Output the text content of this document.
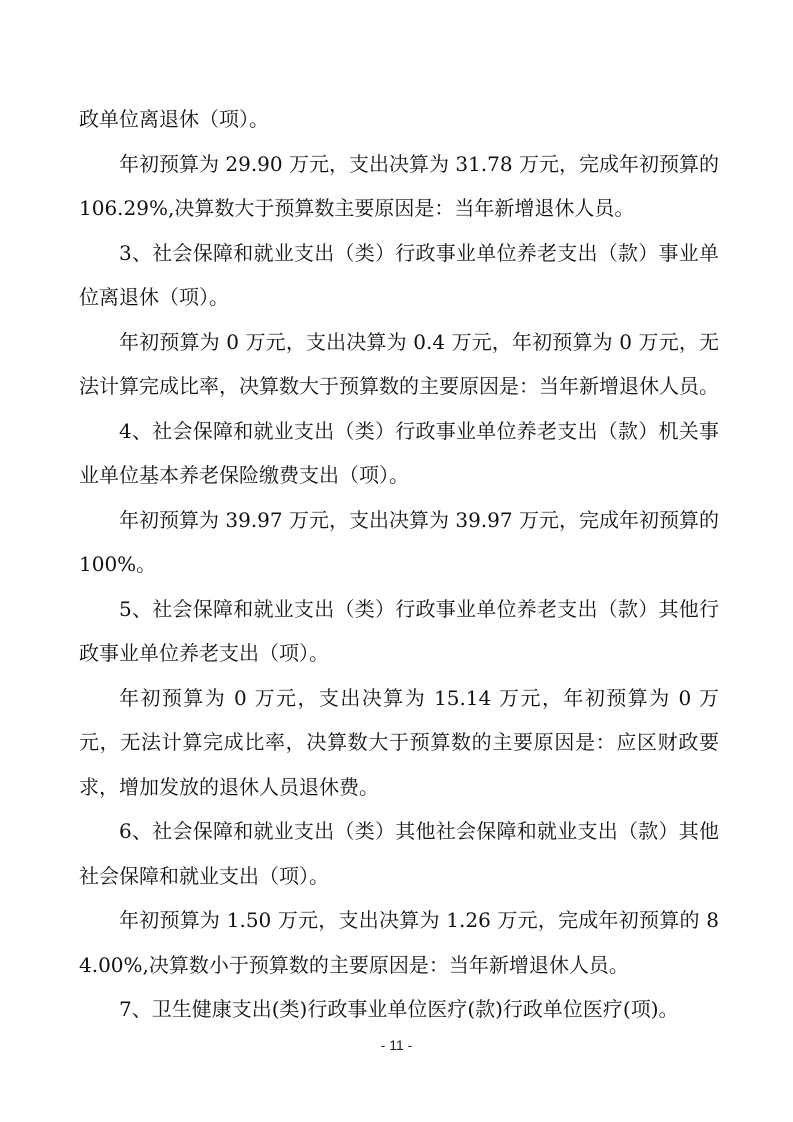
政单位离退休（项）。

年初预算为 29.90 万元，支出决算为 31.78 万元，完成年初预算的 106.29%,决算数大于预算数主要原因是：当年新增退休人员。

3、社会保障和就业支出（类）行政事业单位养老支出（款）事业单位离退休（项）。

年初预算为 0 万元，支出决算为 0.4 万元，年初预算为 0 万元，无法计算完成比率，决算数大于预算数的主要原因是：当年新增退休人员。

4、社会保障和就业支出（类）行政事业单位养老支出（款）机关事业单位基本养老保险缴费支出（项）。

年初预算为 39.97 万元，支出决算为 39.97 万元，完成年初预算的 100%。

5、社会保障和就业支出（类）行政事业单位养老支出（款）其他行政事业单位养老支出（项）。

年初预算为 0 万元，支出决算为 15.14 万元，年初预算为 0 万元，无法计算完成比率，决算数大于预算数的主要原因是：应区财政要求，增加发放的退休人员退休费。

6、社会保障和就业支出（类）其他社会保障和就业支出（款）其他社会保障和就业支出（项）。

年初预算为 1.50 万元，支出决算为 1.26 万元，完成年初预算的 84.00%,决算数小于预算数的主要原因是：当年新增退休人员。

7、卫生健康支出(类)行政事业单位医疗(款)行政单位医疗(项)。

- 11 -
